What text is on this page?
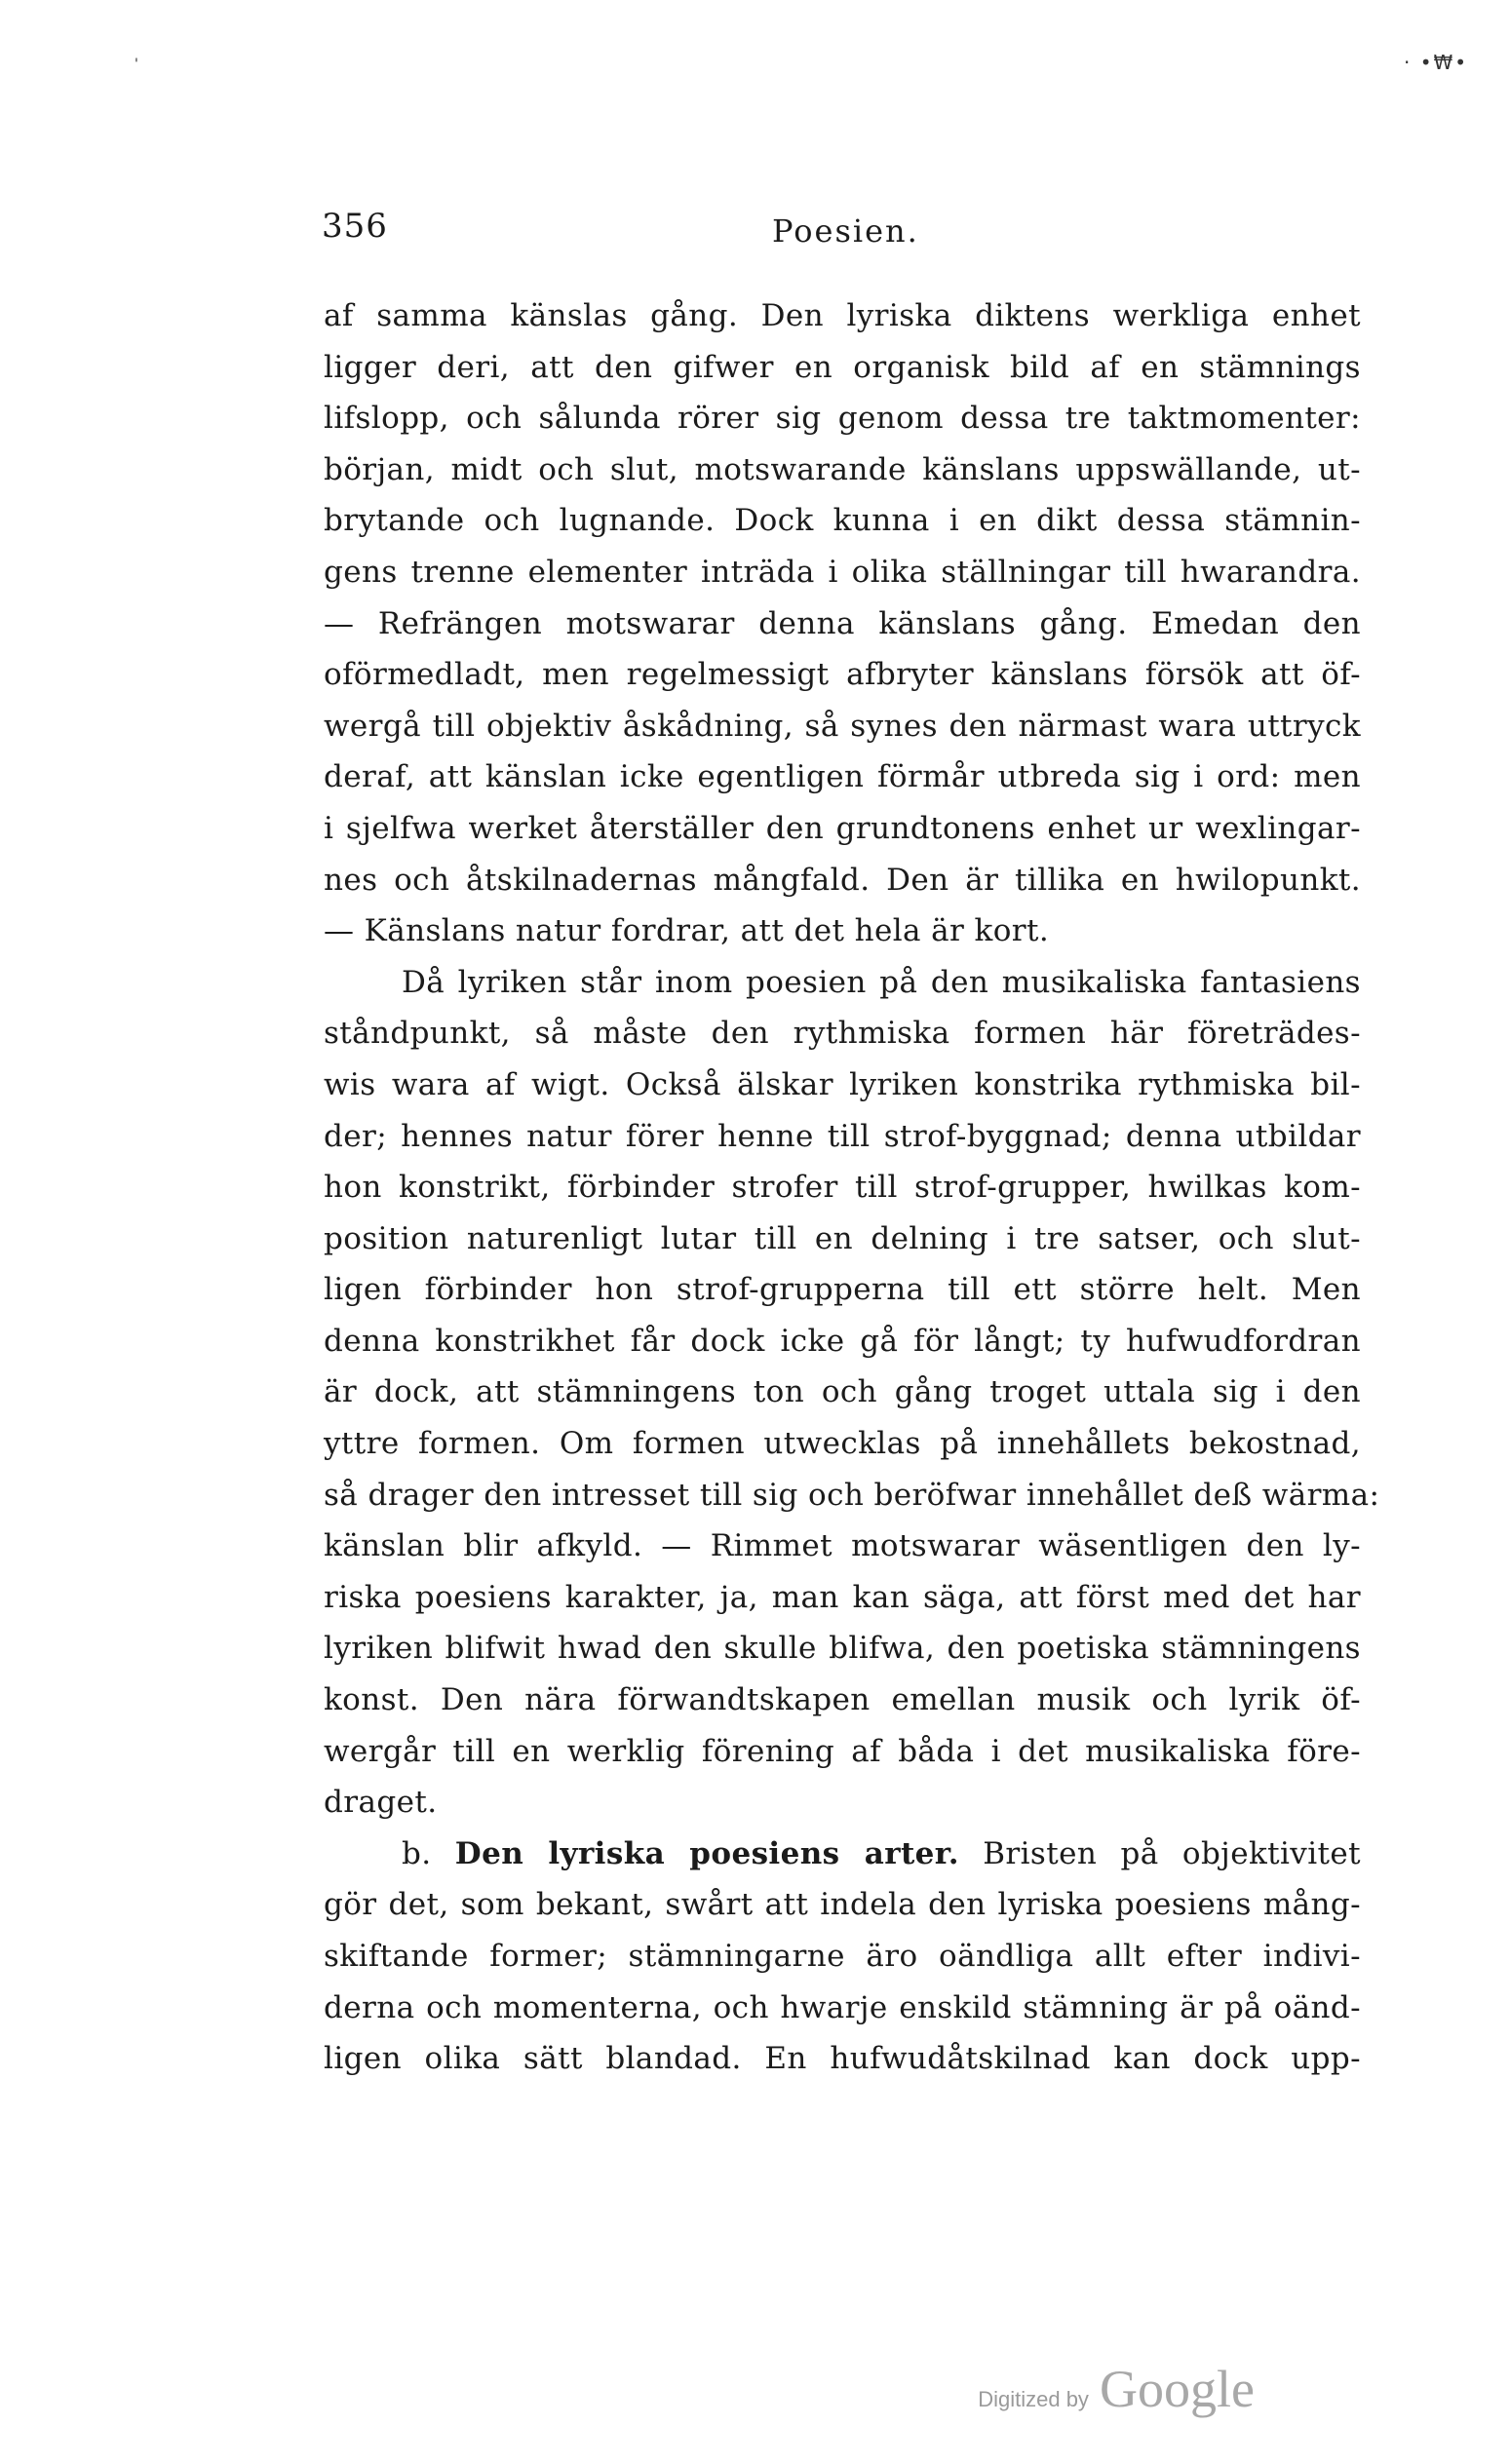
'	· •₩•
356	Poesien.
af samma känslas gång. Den lyriska diktens werkliga enhet
ligger deri, att den gifwer en organisk bild af en stämnings
lifslopp, och sålunda rörer sig genom dessa tre taktmomenter:
början, midt och slut, motswarande känslans uppswällande, ut-
brytande och lugnande. Dock kunna i en dikt dessa stämnin-
gens trenne elementer inträda i olika ställningar till hwarandra.
— Refrängen motswarar denna känslans gång. Emedan den
oförmedladt, men regelmessigt afbryter känslans försök att öf-
wergå till objektiv åskådning, så synes den närmast wara uttryck
deraf, att känslan icke egentligen förmår utbreda sig i ord: men
i sjelfwa werket återställer den grundtonens enhet ur wexlingar-
nes och åtskilnadernas mångfald. Den är tillika en hwilopunkt.
— Känslans natur fordrar, att det hela är kort.
Då lyriken står inom poesien på den musikaliska fantasiens
ståndpunkt, så måste den rythmiska formen här företrädes-
wis wara af wigt. Också älskar lyriken konstrika rythmiska bil-
der; hennes natur förer henne till strof-byggnad; denna utbildar
hon konstrikt, förbinder strofer till strof-grupper, hwilkas kom-
position naturenligt lutar till en delning i tre satser, och slut-
ligen förbinder hon strof-grupperna till ett större helt. Men
denna konstrikhet får dock icke gå för långt; ty hufwudfordran
är dock, att stämningens ton och gång troget uttala sig i den
yttre formen. Om formen utwecklas på innehållets bekostnad,
så drager den intresset till sig och beröfwar innehållet deß wärma:
känslan blir afkyld. — Rimmet motswarar wäsentligen den ly-
riska poesiens karakter, ja, man kan säga, att först med det har
lyriken blifwit hwad den skulle blifwa, den poetiska stämningens
konst. Den nära förwandtskapen emellan musik och lyrik öf-
wergår till en werklig förening af båda i det musikaliska före-
draget.
b. Den lyriska poesiens arter. Bristen på objektivitet
gör det, som bekant, swårt att indela den lyriska poesiens mång-
skiftande former; stämningarne äro oändliga allt efter indivi-
derna och momenterna, och hwarje enskild stämning är på oänd-
ligen olika sätt blandad. En hufwudåtskilnad kan dock upp-
Digitized by Google
